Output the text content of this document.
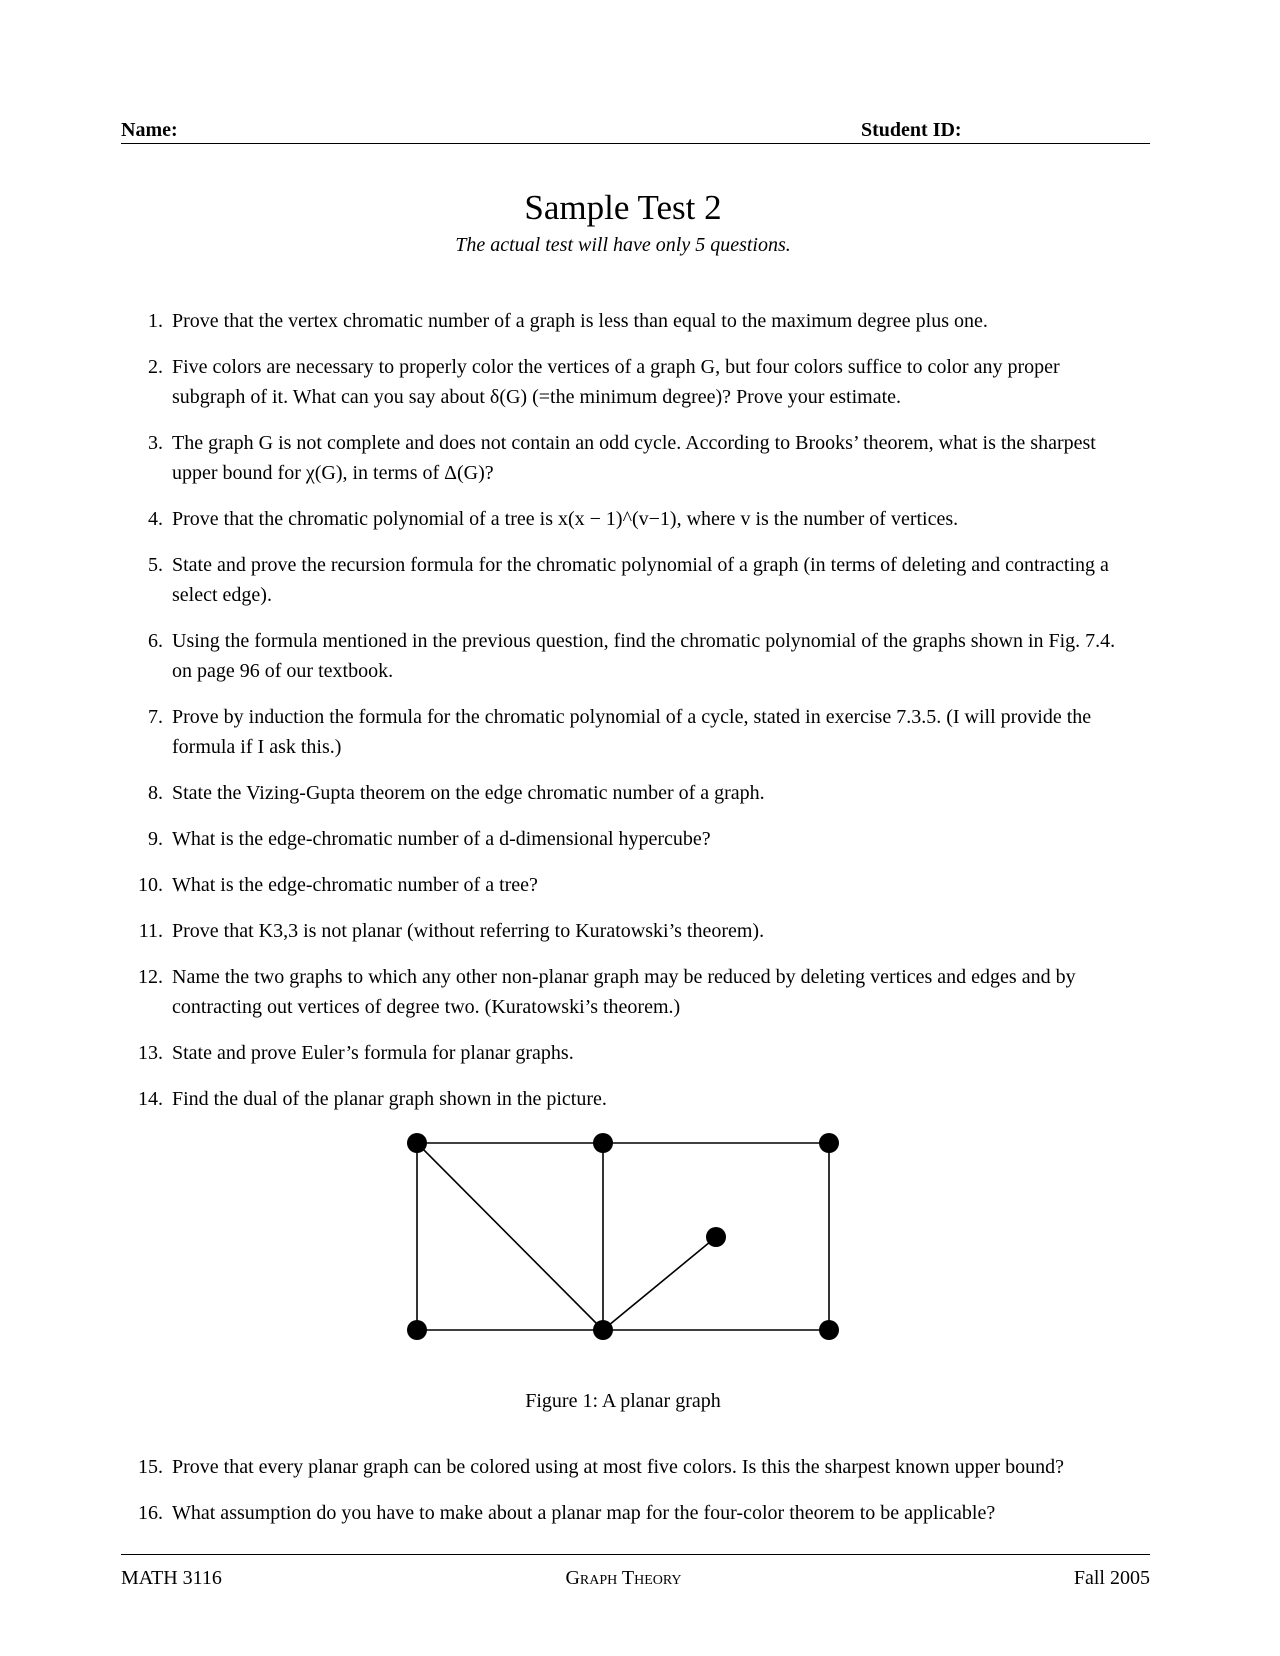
Name:	Student ID:
Sample Test 2
The actual test will have only 5 questions.
1. Prove that the vertex chromatic number of a graph is less than equal to the maximum degree plus one.
2. Five colors are necessary to properly color the vertices of a graph G, but four colors suffice to color any proper subgraph of it. What can you say about δ(G) (=the minimum degree)? Prove your estimate.
3. The graph G is not complete and does not contain an odd cycle. According to Brooks’ theorem, what is the sharpest upper bound for χ(G), in terms of Δ(G)?
4. Prove that the chromatic polynomial of a tree is x(x − 1)^(v−1), where v is the number of vertices.
5. State and prove the recursion formula for the chromatic polynomial of a graph (in terms of deleting and contracting a select edge).
6. Using the formula mentioned in the previous question, find the chromatic polynomial of the graphs shown in Fig. 7.4. on page 96 of our textbook.
7. Prove by induction the formula for the chromatic polynomial of a cycle, stated in exercise 7.3.5. (I will provide the formula if I ask this.)
8. State the Vizing-Gupta theorem on the edge chromatic number of a graph.
9. What is the edge-chromatic number of a d-dimensional hypercube?
10. What is the edge-chromatic number of a tree?
11. Prove that K3,3 is not planar (without referring to Kuratowski’s theorem).
12. Name the two graphs to which any other non-planar graph may be reduced by deleting vertices and edges and by contracting out vertices of degree two. (Kuratowski’s theorem.)
13. State and prove Euler’s formula for planar graphs.
14. Find the dual of the planar graph shown in the picture.
Figure 1: A planar graph
15. Prove that every planar graph can be colored using at most five colors. Is this the sharpest known upper bound?
16. What assumption do you have to make about a planar map for the four-color theorem to be applicable?
MATH 3116	Graph Theory	Fall 2005
